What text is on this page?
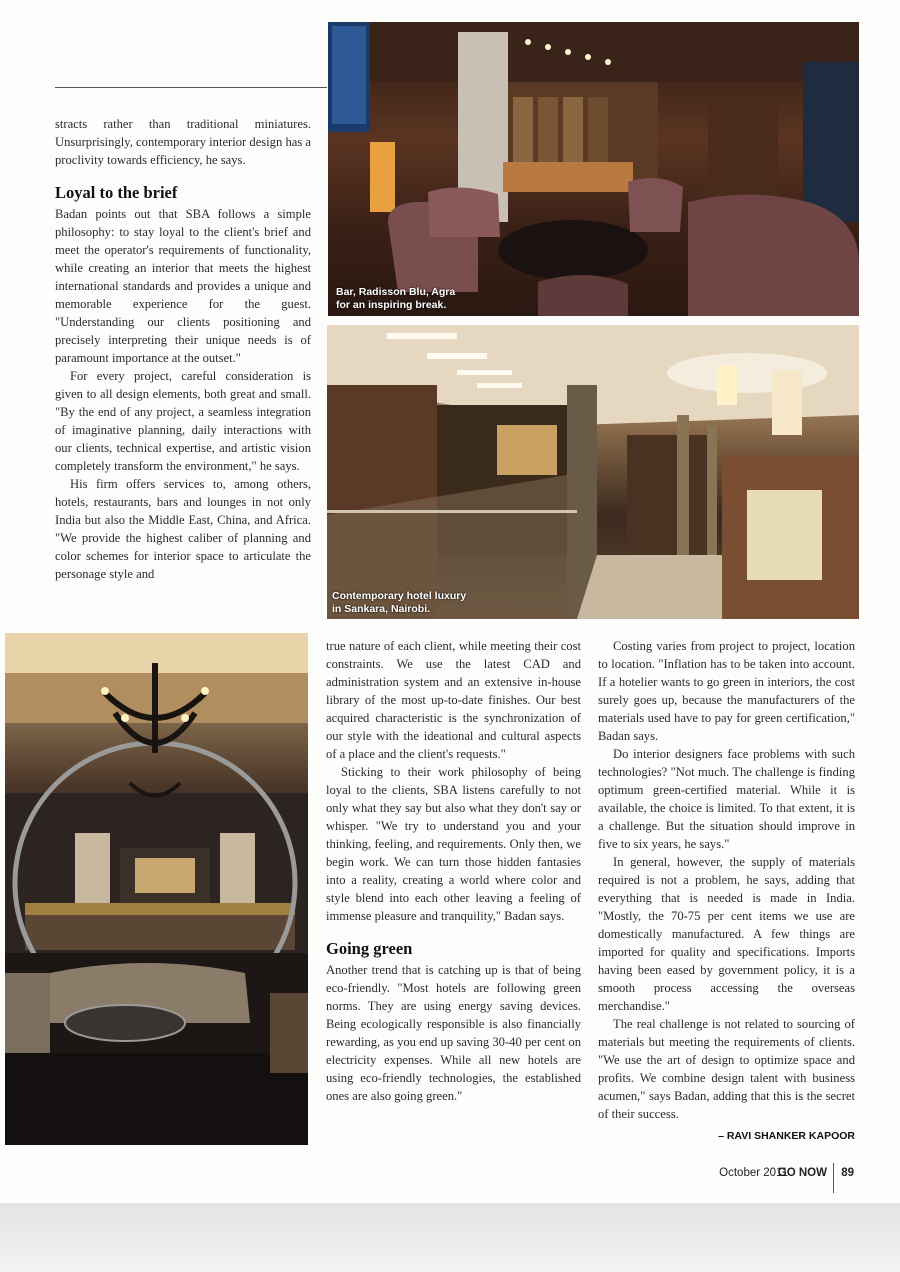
Bar, Radisson Blu, Agra
for an inspiring break.
Contemporary hotel luxury
in Sankara, Nairobi.

stracts rather than traditional miniatures. Unsurprisingly, contemporary interior design has a proclivity towards efficiency, he says.

Loyal to the brief

Badan points out that SBA follows a simple philosophy: to stay loyal to the client's brief and meet the operator's requirements of functionality, while creating an interior that meets the highest international standards and provides a unique and memorable experience for the guest. "Understanding our clients positioning and precisely interpreting their unique needs is of paramount importance at the outset."

For every project, careful consideration is given to all design elements, both great and small. "By the end of any project, a seamless integration of imaginative planning, daily interactions with our clients, technical expertise, and artistic vision completely transform the environment," he says.

His firm offers services to, among others, hotels, restaurants, bars and lounges in not only India but also the Middle East, China, and Africa. "We provide the highest caliber of planning and color schemes for interior space to articulate the personage style and

true nature of each client, while meeting their cost constraints. We use the latest CAD and administration system and an extensive in-house library of the most up-to-date finishes. Our best acquired characteristic is the synchronization of our style with the ideational and cultural aspects of a place and the client's requests."

Sticking to their work philosophy of being loyal to the clients, SBA listens carefully to not only what they say but also what they don't say or whisper. "We try to understand you and your thinking, feeling, and requirements. Only then, we begin work. We can turn those hidden fantasies into a reality, creating a world where color and style blend into each other leaving a feeling of immense pleasure and tranquility," Badan says.

Going green

Another trend that is catching up is that of being eco-friendly. "Most hotels are following green norms. They are using energy saving devices. Being ecologically responsible is also financially rewarding, as you end up saving 30-40 per cent on electricity expenses. While all new hotels are using eco-friendly technologies, the established ones are also going green."

Costing varies from project to project, location to location. "Inflation has to be taken into account. If a hotelier wants to go green in interiors, the cost surely goes up, because the manufacturers of the materials used have to pay for green certification," Badan says.

Do interior designers face problems with such technologies? "Not much. The challenge is finding optimum green-certified material. While it is available, the choice is limited. To that extent, it is a challenge. But the situation should improve in five to six years, he says."

In general, however, the supply of materials required is not a problem, he says, adding that everything that is needed is made in India. "Mostly, the 70-75 per cent items we use are domestically manufactured. A few things are imported for quality and specifications. Imports having been eased by government policy, it is a smooth process accessing the overseas merchandise."

The real challenge is not related to sourcing of materials but meeting the requirements of clients. "We use the art of design to optimize space and profits. We combine design talent with business acumen," says Badan, adding that this is the secret of their success.

– RAVI SHANKER KAPOOR
October 2011
GO NOW 89
